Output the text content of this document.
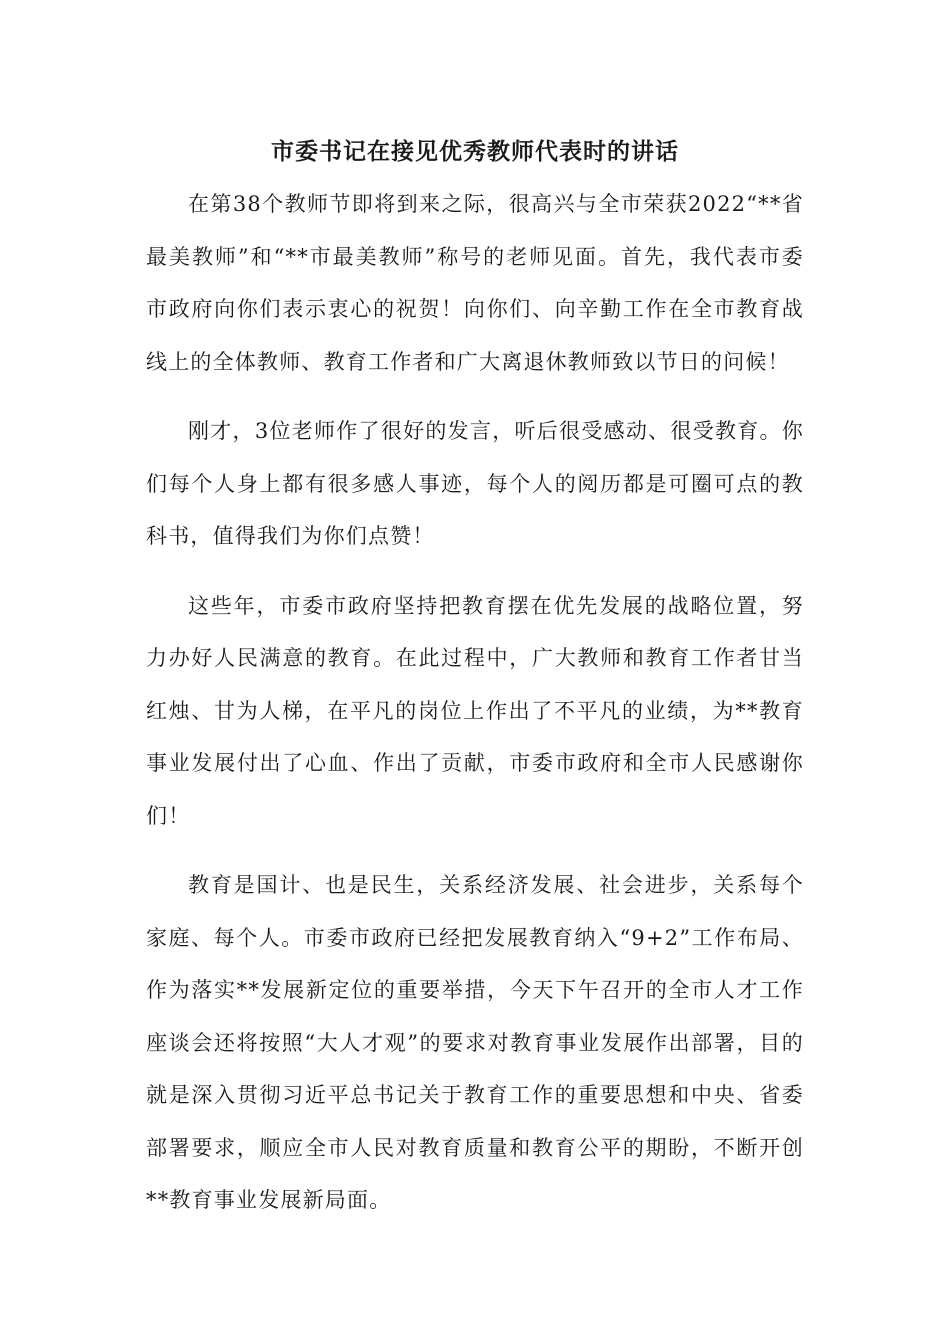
市委书记在接见优秀教师代表时的讲话

在第38个教师节即将到来之际，很高兴与全市荣获2022“**省最美教师”和“**市最美教师”称号的老师见面。首先，我代表市委市政府向你们表示衷心的祝贺！向你们、向辛勤工作在全市教育战线上的全体教师、教育工作者和广大离退休教师致以节日的问候！

刚才，3位老师作了很好的发言，听后很受感动、很受教育。你们每个人身上都有很多感人事迹，每个人的阅历都是可圈可点的教科书，值得我们为你们点赞！

这些年，市委市政府坚持把教育摆在优先发展的战略位置，努力办好人民满意的教育。在此过程中，广大教师和教育工作者甘当红烛、甘为人梯，在平凡的岗位上作出了不平凡的业绩，为**教育事业发展付出了心血、作出了贡献，市委市政府和全市人民感谢你们！

教育是国计、也是民生，关系经济发展、社会进步，关系每个家庭、每个人。市委市政府已经把发展教育纳入“9+2”工作布局、作为落实**发展新定位的重要举措，今天下午召开的全市人才工作座谈会还将按照“大人才观”的要求对教育事业发展作出部署，目的就是深入贯彻习近平总书记关于教育工作的重要思想和中央、省委部署要求，顺应全市人民对教育质量和教育公平的期盼，不断开创**教育事业发展新局面。
